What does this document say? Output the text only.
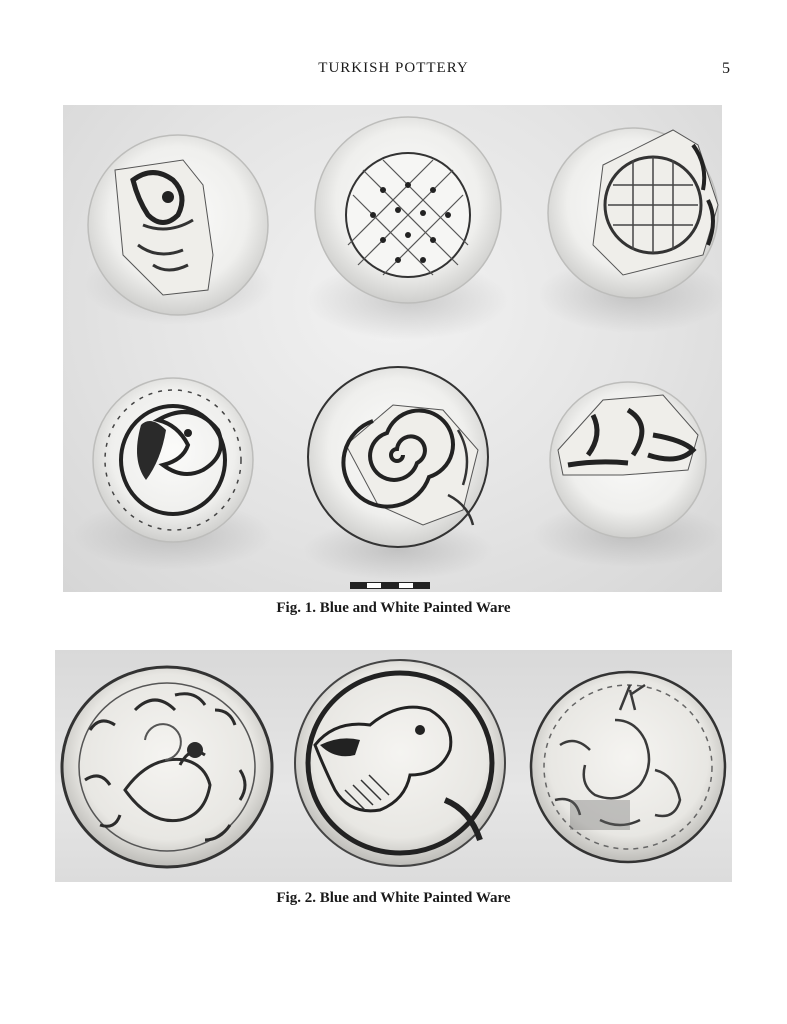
TURKISH POTTERY	5
Fig. 1. Blue and White Painted Ware
Fig. 2. Blue and White Painted Ware
